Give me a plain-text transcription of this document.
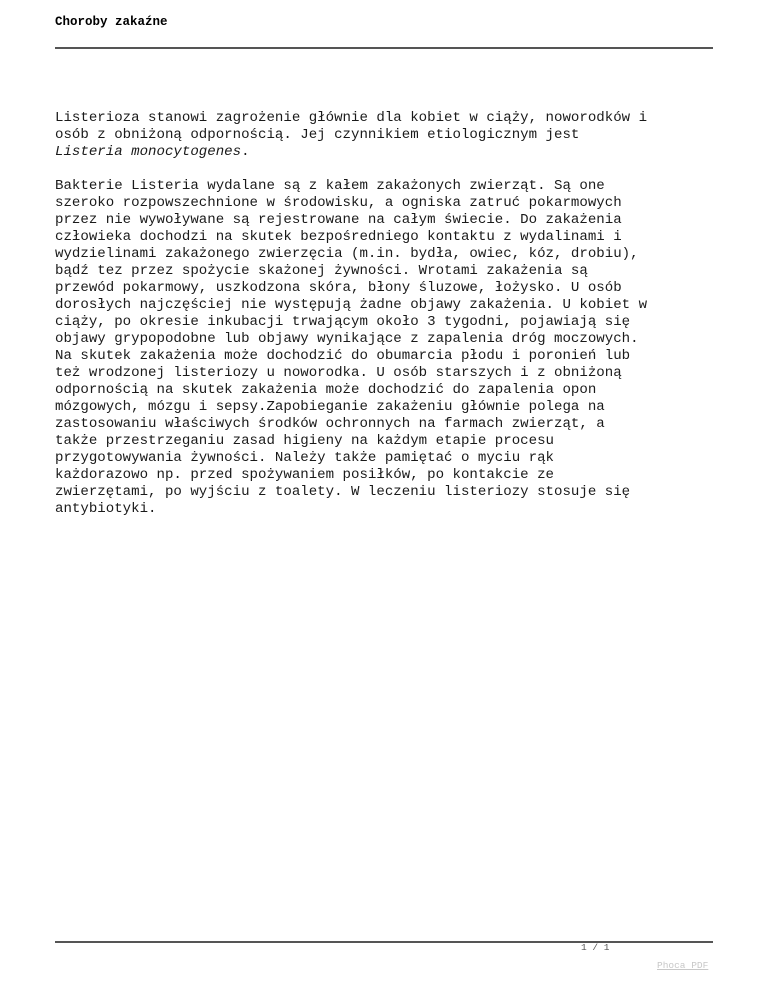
Choroby zakaźne

Listerioza stanowi zagrożenie głównie dla kobiet w ciąży, noworodków i
osób z obniżoną odpornością. Jej czynnikiem etiologicznym jest
Listeria monocytogenes.

Bakterie Listeria wydalane są z kałem zakażonych zwierząt. Są one
szeroko rozpowszechnione w środowisku, a ogniska zatruć pokarmowych
przez nie wywoływane są rejestrowane na całym świecie. Do zakażenia
człowieka dochodzi na skutek bezpośredniego kontaktu z wydalinami i
wydzielinami zakażonego zwierzęcia (m.in. bydła, owiec, kóz, drobiu),
bądź tez przez spożycie skażonej żywności. Wrotami zakażenia są
przewód pokarmowy, uszkodzona skóra, błony śluzowe, łożysko. U osób
dorosłych najczęściej nie występują żadne objawy zakażenia. U kobiet w
ciąży, po okresie inkubacji trwającym około 3 tygodni, pojawiają się
objawy grypopodobne lub objawy wynikające z zapalenia dróg moczowych.
Na skutek zakażenia może dochodzić do obumarcia płodu i poronień lub
też wrodzonej listeriozy u noworodka. U osób starszych i z obniżoną
odpornością na skutek zakażenia może dochodzić do zapalenia opon
mózgowych, mózgu i sepsy.Zapobieganie zakażeniu głównie polega na
zastosowaniu właściwych środków ochronnych na farmach zwierząt, a
także przestrzeganiu zasad higieny na każdym etapie procesu
przygotowywania żywności. Należy także pamiętać o myciu rąk
każdorazowo np. przed spożywaniem posiłków, po kontakcie ze
zwierzętami, po wyjściu z toalety. W leczeniu listeriozy stosuje się
antybiotyki.

1 / 1
Phoca PDF
